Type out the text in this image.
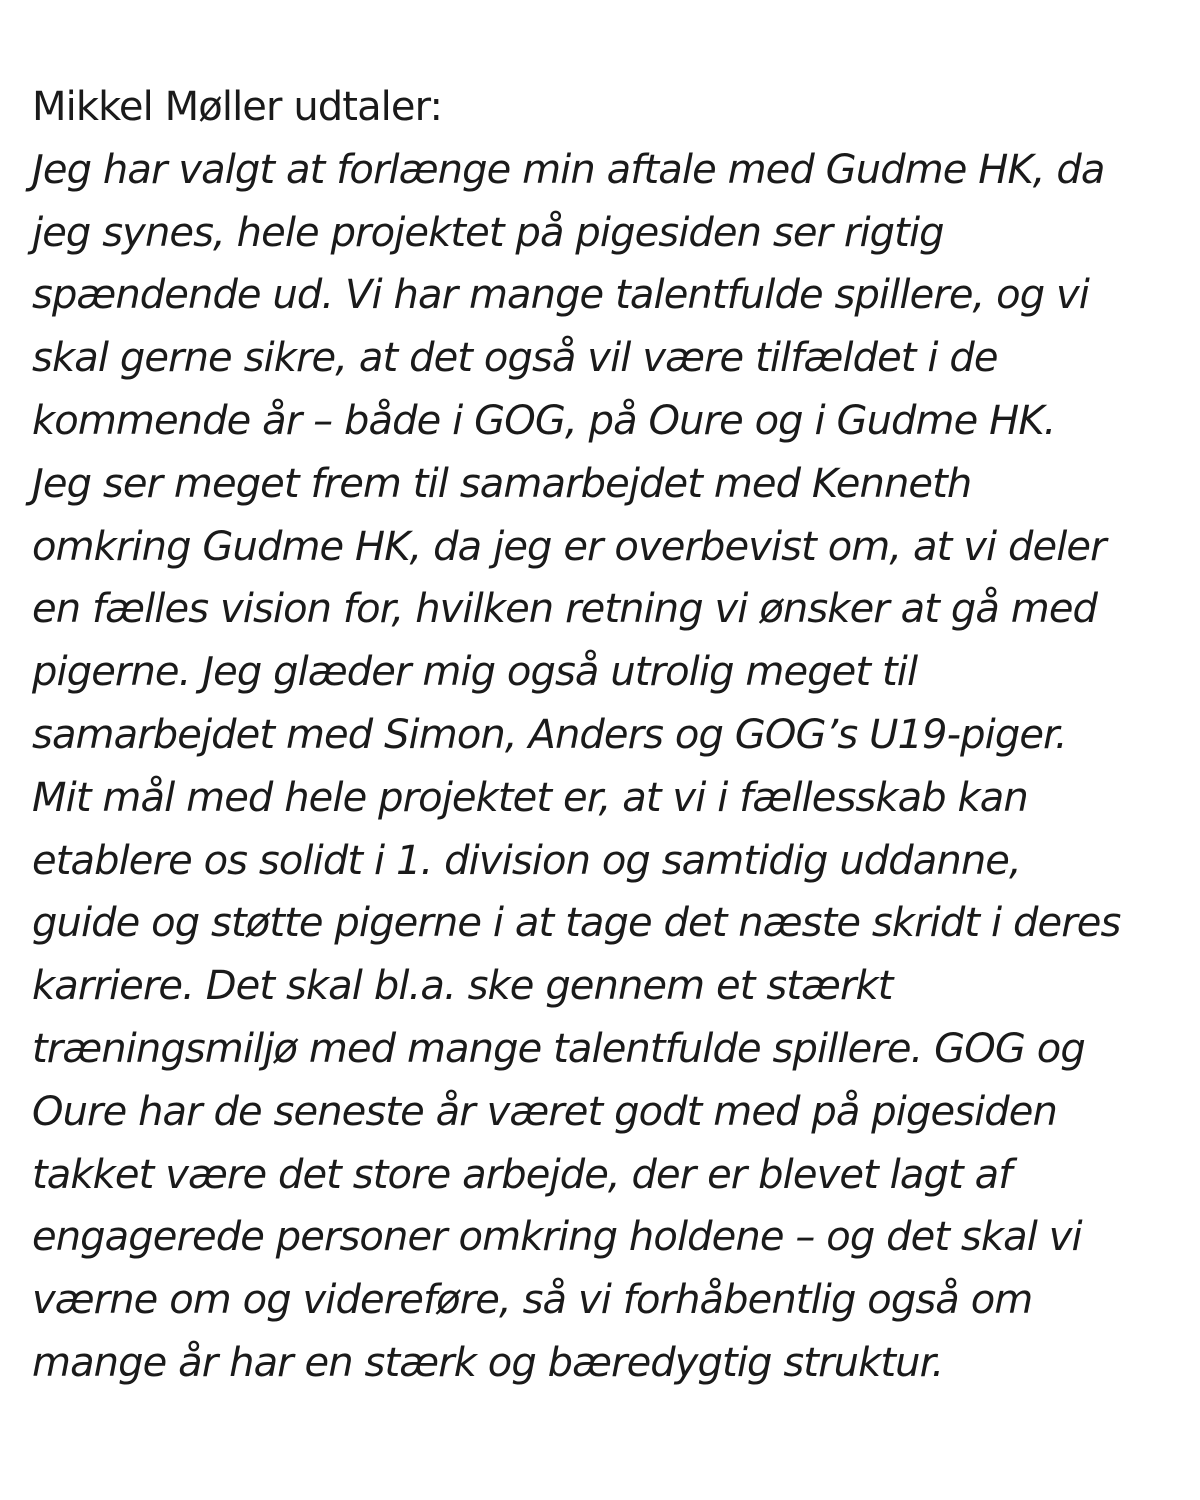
Mikkel Møller udtaler:
Jeg har valgt at forlænge min aftale med Gudme HK, da
jeg synes, hele projektet på pigesiden ser rigtig
spændende ud. Vi har mange talentfulde spillere, og vi
skal gerne sikre, at det også vil være tilfældet i de
kommende år – både i GOG, på Oure og i Gudme HK.
Jeg ser meget frem til samarbejdet med Kenneth
omkring Gudme HK, da jeg er overbevist om, at vi deler
en fælles vision for, hvilken retning vi ønsker at gå med
pigerne. Jeg glæder mig også utrolig meget til
samarbejdet med Simon, Anders og GOG’s U19-piger.
Mit mål med hele projektet er, at vi i fællesskab kan
etablere os solidt i 1. division og samtidig uddanne,
guide og støtte pigerne i at tage det næste skridt i deres
karriere. Det skal bl.a. ske gennem et stærkt
træningsmiljø med mange talentfulde spillere. GOG og
Oure har de seneste år været godt med på pigesiden
takket være det store arbejde, der er blevet lagt af
engagerede personer omkring holdene – og det skal vi
værne om og videreføre, så vi forhåbentlig også om
mange år har en stærk og bæredygtig struktur.
